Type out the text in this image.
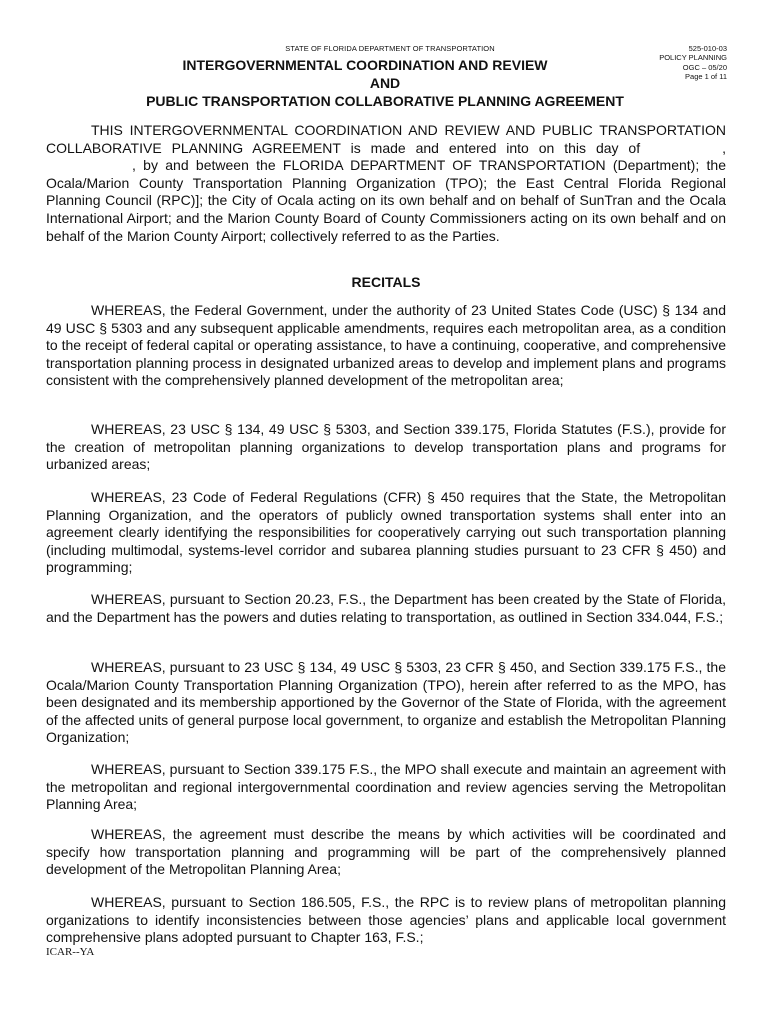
STATE OF FLORIDA DEPARTMENT OF TRANSPORTATION	525-010-03
POLICY PLANNING
OGC – 05/20
Page 1 of 11
INTERGOVERNMENTAL COORDINATION AND REVIEW
AND
PUBLIC TRANSPORTATION COLLABORATIVE PLANNING AGREEMENT
THIS INTERGOVERNMENTAL COORDINATION AND REVIEW AND PUBLIC TRANSPORTATION COLLABORATIVE PLANNING AGREEMENT is made and entered into on this day of	,, by and between the FLORIDA DEPARTMENT OF TRANSPORTATION (Department); the Ocala/Marion County Transportation Planning Organization (TPO); the East Central Florida Regional Planning Council (RPC)]; the City of Ocala acting on its own behalf and on behalf of SunTran and the Ocala International Airport; and the Marion County Board of County Commissioners acting on its own behalf and on behalf of the Marion County Airport; collectively referred to as the Parties.
RECITALS
WHEREAS, the Federal Government, under the authority of 23 United States Code (USC) § 134 and 49 USC § 5303 and any subsequent applicable amendments, requires each metropolitan area, as a condition to the receipt of federal capital or operating assistance, to have a continuing, cooperative, and comprehensive transportation planning process in designated urbanized areas to develop and implement plans and programs consistent with the comprehensively planned development of the metropolitan area;
WHEREAS, 23 USC § 134, 49 USC § 5303, and Section 339.175, Florida Statutes (F.S.), provide for the creation of metropolitan planning organizations to develop transportation plans and programs for urbanized areas;
WHEREAS, 23 Code of Federal Regulations (CFR) § 450 requires that the State, the Metropolitan Planning Organization, and the operators of publicly owned transportation systems shall enter into an agreement clearly identifying the responsibilities for cooperatively carrying out such transportation planning (including multimodal, systems-level corridor and subarea planning studies pursuant to 23 CFR § 450) and programming;
WHEREAS, pursuant to Section 20.23, F.S., the Department has been created by the State of Florida, and the Department has the powers and duties relating to transportation, as outlined in Section 334.044, F.S.;
WHEREAS, pursuant to 23 USC § 134, 49 USC § 5303, 23 CFR § 450, and Section 339.175 F.S., the Ocala/Marion County Transportation Planning Organization (TPO), herein after referred to as the MPO, has been designated and its membership apportioned by the Governor of the State of Florida, with the agreement of the affected units of general purpose local government, to organize and establish the Metropolitan Planning Organization;
WHEREAS, pursuant to Section 339.175 F.S., the MPO shall execute and maintain an agreement with the metropolitan and regional intergovernmental coordination and review agencies serving the Metropolitan Planning Area;
WHEREAS, the agreement must describe the means by which activities will be coordinated and specify how transportation planning and programming will be part of the comprehensively planned development of the Metropolitan Planning Area;
WHEREAS, pursuant to Section 186.505, F.S., the RPC is to review plans of metropolitan planning organizations to identify inconsistencies between those agencies’ plans and applicable local government comprehensive plans adopted pursuant to Chapter 163, F.S.;
ICAR--YA
